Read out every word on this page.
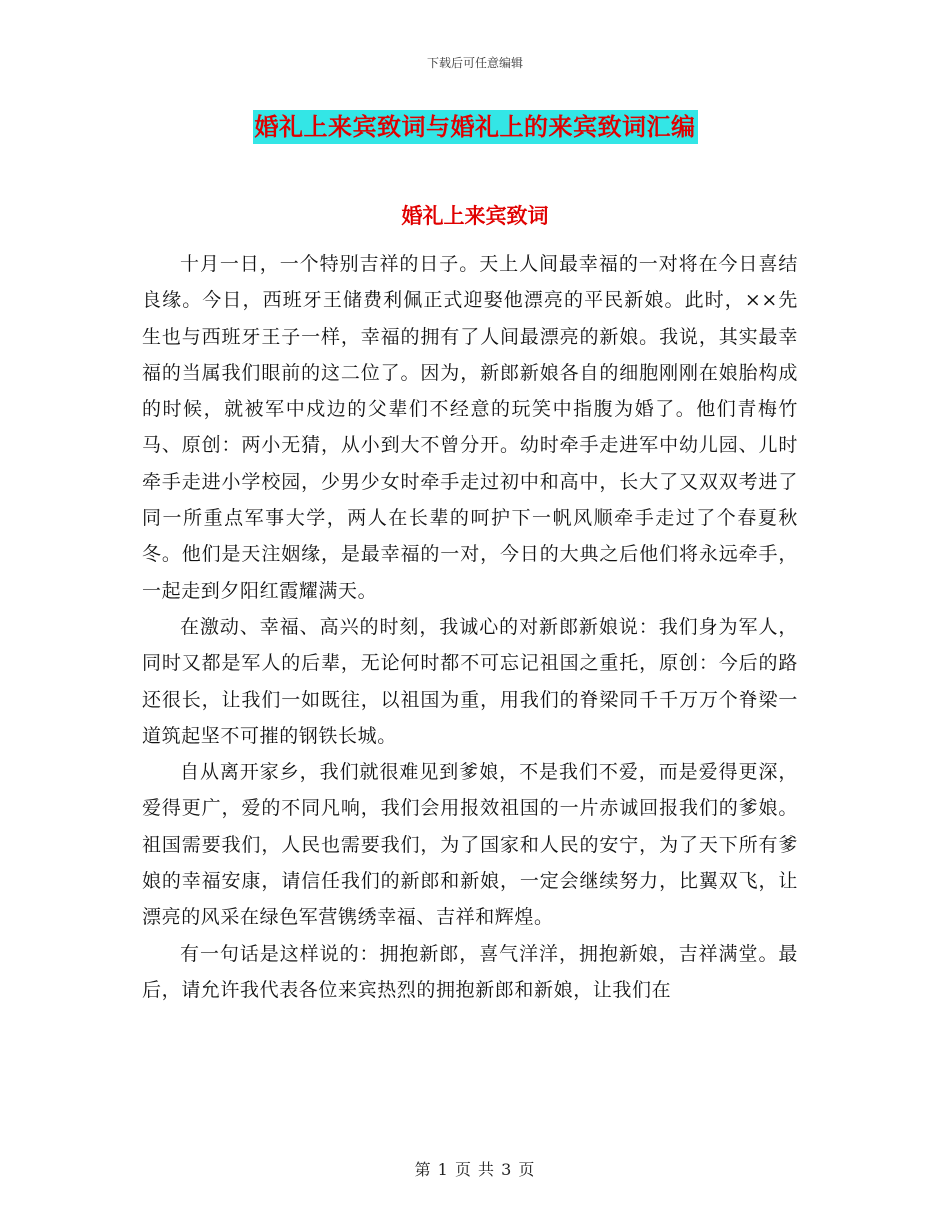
下载后可任意编辑
婚礼上来宾致词与婚礼上的来宾致词汇编
婚礼上来宾致词

十月一日，一个特别吉祥的日子。天上人间最幸福的一对将在今日喜结良缘。今日，西班牙王储费利佩正式迎娶他漂亮的平民新娘。此时，××先生也与西班牙王子一样，幸福的拥有了人间最漂亮的新娘。我说，其实最幸福的当属我们眼前的这二位了。因为，新郎新娘各自的细胞刚刚在娘胎构成的时候，就被军中戍边的父辈们不经意的玩笑中指腹为婚了。他们青梅竹马、原创：两小无猜，从小到大不曾分开。幼时牵手走进军中幼儿园、儿时牵手走进小学校园，少男少女时牵手走过初中和高中，长大了又双双考进了同一所重点军事大学，两人在长辈的呵护下一帆风顺牵手走过了个春夏秋冬。他们是天注姻缘，是最幸福的一对，今日的大典之后他们将永远牵手，一起走到夕阳红霞耀满天。

在激动、幸福、高兴的时刻，我诚心的对新郎新娘说：我们身为军人，同时又都是军人的后辈，无论何时都不可忘记祖国之重托，原创：今后的路还很长，让我们一如既往，以祖国为重，用我们的脊梁同千千万万个脊梁一道筑起坚不可摧的钢铁长城。

自从离开家乡，我们就很难见到爹娘，不是我们不爱，而是爱得更深，爱得更广，爱的不同凡响，我们会用报效祖国的一片赤诚回报我们的爹娘。祖国需要我们，人民也需要我们，为了国家和人民的安宁，为了天下所有爹娘的幸福安康，请信任我们的新郎和新娘，一定会继续努力，比翼双飞，让漂亮的风采在绿色军营镌绣幸福、吉祥和辉煌。

有一句话是这样说的：拥抱新郎，喜气洋洋，拥抱新娘，吉祥满堂。最后，请允许我代表各位来宾热烈的拥抱新郎和新娘，让我们在

第 1 页 共 3 页
